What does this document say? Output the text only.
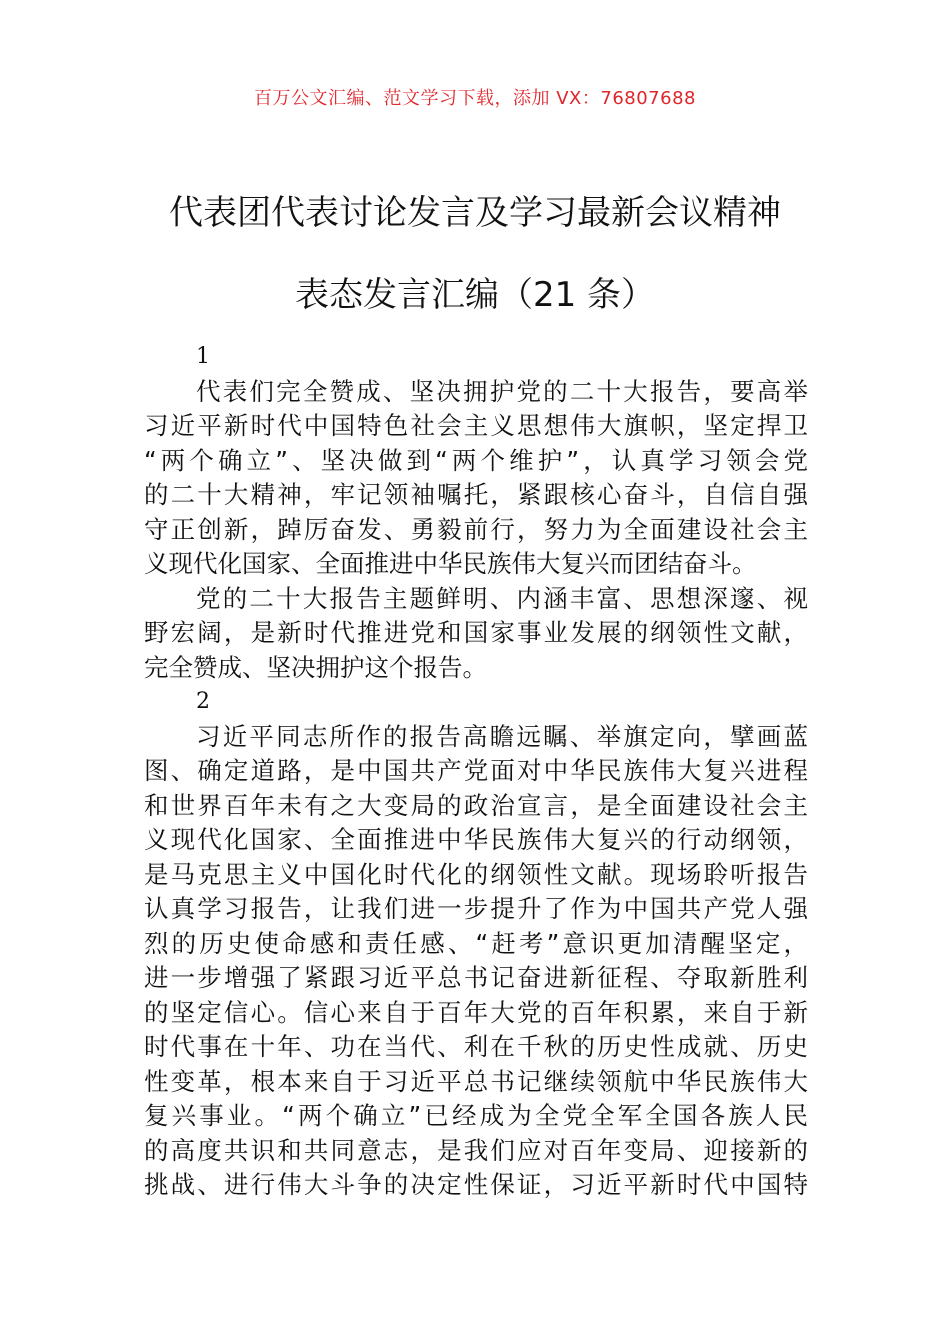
百万公文汇编、范文学习下载，添加 VX：76807688
代表团代表讨论发言及学习最新会议精神
表态发言汇编（21 条）
1
代表们完全赞成、坚决拥护党的二十大报告，要高举
习近平新时代中国特色社会主义思想伟大旗帜，坚定捍卫
“两个确立”、坚决做到“两个维护”，认真学习领会党
的二十大精神，牢记领袖嘱托，紧跟核心奋斗，自信自强
守正创新，踔厉奋发、勇毅前行，努力为全面建设社会主
义现代化国家、全面推进中华民族伟大复兴而团结奋斗。
党的二十大报告主题鲜明、内涵丰富、思想深邃、视
野宏阔，是新时代推进党和国家事业发展的纲领性文献，
完全赞成、坚决拥护这个报告。
2
习近平同志所作的报告高瞻远瞩、举旗定向，擘画蓝
图、确定道路，是中国共产党面对中华民族伟大复兴进程
和世界百年未有之大变局的政治宣言，是全面建设社会主
义现代化国家、全面推进中华民族伟大复兴的行动纲领，
是马克思主义中国化时代化的纲领性文献。现场聆听报告
认真学习报告，让我们进一步提升了作为中国共产党人强
烈的历史使命感和责任感、“赶考”意识更加清醒坚定，
进一步增强了紧跟习近平总书记奋进新征程、夺取新胜利
的坚定信心。信心来自于百年大党的百年积累，来自于新
时代事在十年、功在当代、利在千秋的历史性成就、历史
性变革，根本来自于习近平总书记继续领航中华民族伟大
复兴事业。“两个确立”已经成为全党全军全国各族人民
的高度共识和共同意志，是我们应对百年变局、迎接新的
挑战、进行伟大斗争的决定性保证，习近平新时代中国特
